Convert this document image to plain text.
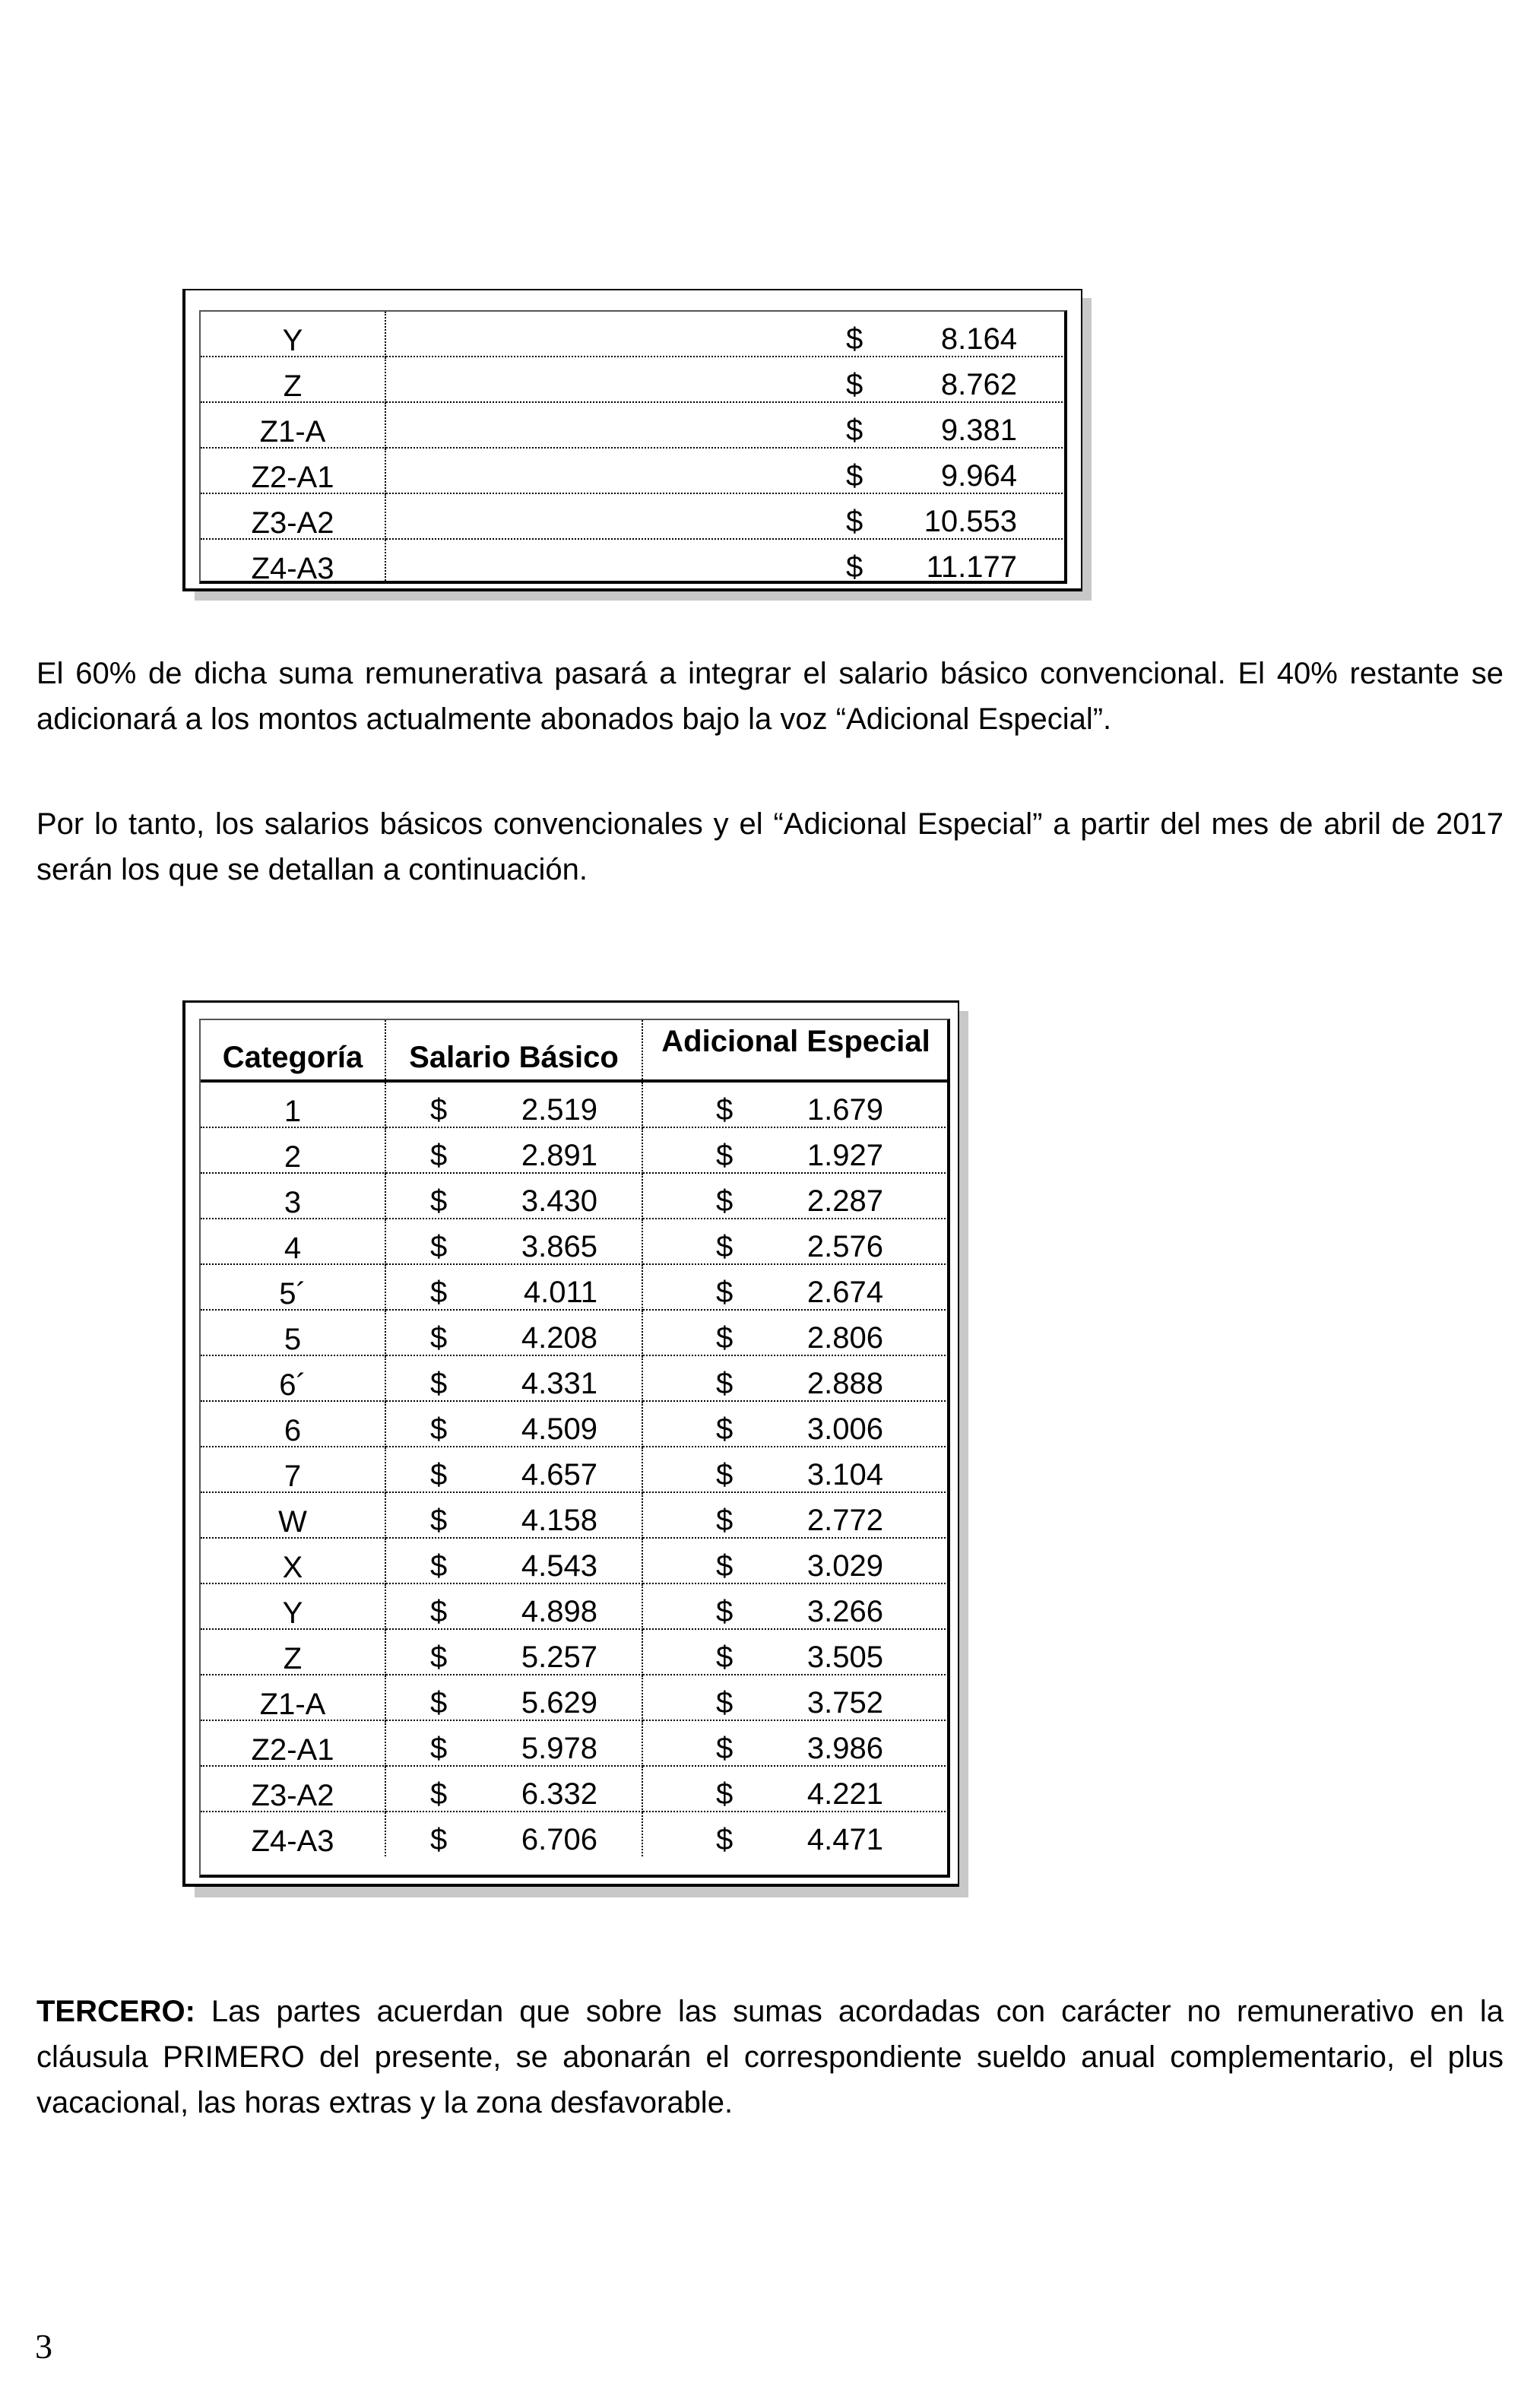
Y	$ 8.164

Z	$ 8.762

Z1-A	$ 9.381

Z2-A1	$ 9.964

Z3-A2	$ 10.553

Z4-A3	$ 11.177

El 60% de dicha suma remunerativa pasará a integrar el salario básico convencional. El 40% restante se adicionará a los montos actualmente abonados bajo la voz “Adicional Especial”.

Por lo tanto, los salarios básicos convencionales y el “Adicional Especial” a partir del mes de abril de 2017 serán los que se detallan a continuación.

Categoría	Salario Básico	Adicional Especial
1	$ 2.519	$ 1.679

2	$ 2.891	$ 1.927

3	$ 3.430	$ 2.287

4	$ 3.865	$ 2.576

5´	$ 4.011	$ 2.674

5	$ 4.208	$ 2.806

6´	$ 4.331	$ 2.888

6	$ 4.509	$ 3.006

7	$ 4.657	$ 3.104

W	$ 4.158	$ 2.772

X	$ 4.543	$ 3.029

Y	$ 4.898	$ 3.266

Z	$ 5.257	$ 3.505

Z1-A	$ 5.629	$ 3.752

Z2-A1	$ 5.978	$ 3.986

Z3-A2	$ 6.332	$ 4.221

Z4-A3	$ 6.706	$ 4.471

TERCERO: Las partes acuerdan que sobre las sumas acordadas con carácter no remunerativo en la cláusula PRIMERO del presente, se abonarán el correspondiente sueldo anual complementario, el plus vacacional, las horas extras y la zona desfavorable.

3
